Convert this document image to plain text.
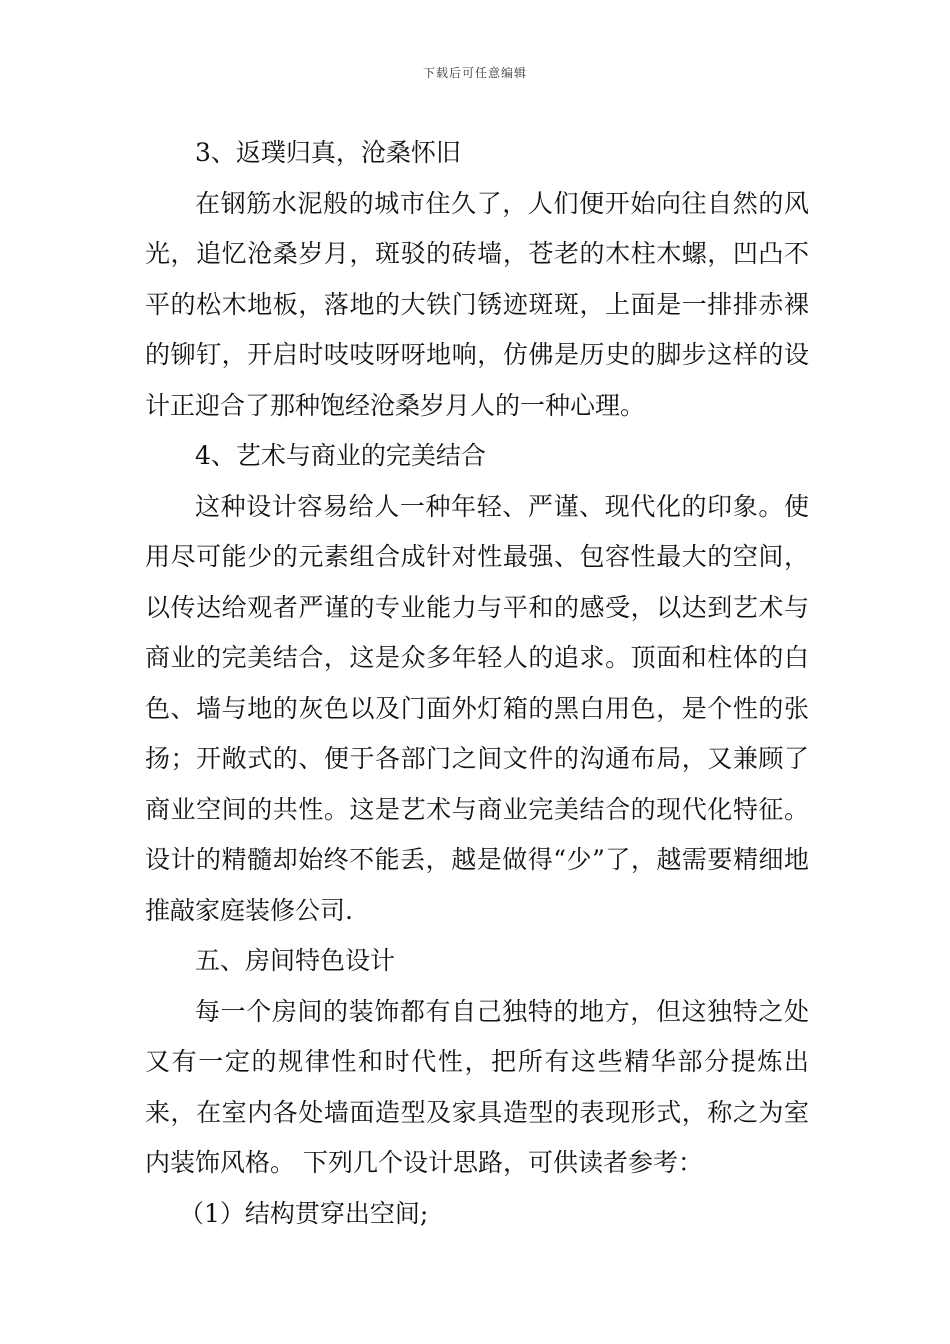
下载后可任意编辑

3、返璞归真，沧桑怀旧

在钢筋水泥般的城市住久了，人们便开始向往自然的风光，追忆沧桑岁月，斑驳的砖墙，苍老的木柱木螺，凹凸不平的松木地板，落地的大铁门锈迹斑斑，上面是一排排赤裸的铆钉，开启时吱吱呀呀地响，仿佛是历史的脚步这样的设计正迎合了那种饱经沧桑岁月人的一种心理。

4、艺术与商业的完美结合

这种设计容易给人一种年轻、严谨、现代化的印象。使用尽可能少的元素组合成针对性最强、包容性最大的空间，以传达给观者严谨的专业能力与平和的感受，以达到艺术与商业的完美结合，这是众多年轻人的追求。顶面和柱体的白色、墙与地的灰色以及门面外灯箱的黑白用色，是个性的张扬；开敞式的、便于各部门之间文件的沟通布局，又兼顾了商业空间的共性。这是艺术与商业完美结合的现代化特征。设计的精髓却始终不能丢，越是做得“少”了，越需要精细地推敲家庭装修公司.

五、房间特色设计

每一个房间的装饰都有自己独特的地方，但这独特之处又有一定的规律性和时代性，把所有这些精华部分提炼出来，在室内各处墙面造型及家具造型的表现形式，称之为室内装饰风格。 下列几个设计思路，可供读者参考：

（1）结构贯穿出空间;
